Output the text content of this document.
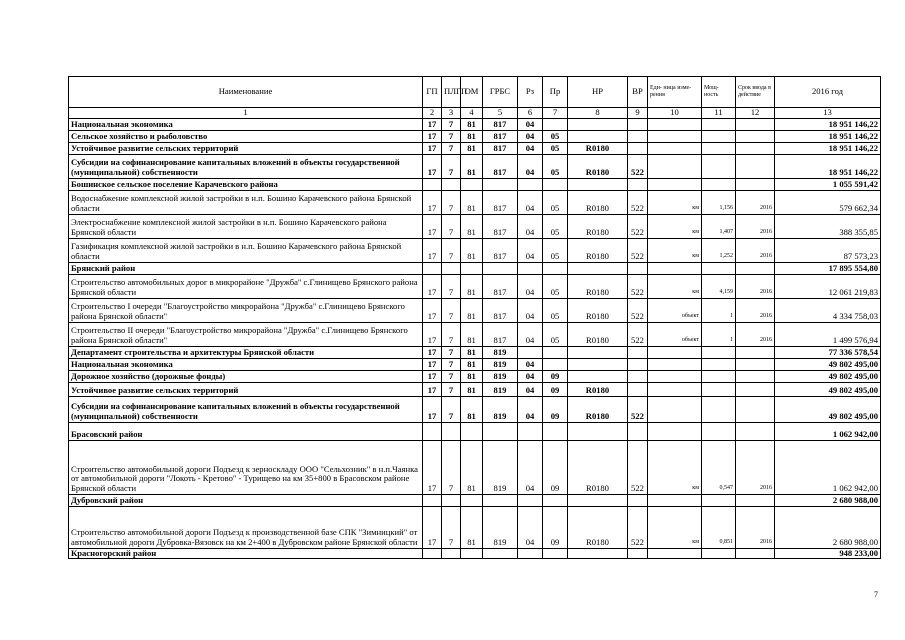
Наименование	ГП	ПЛГП	ОМ	ГРБС	Рз	Пр	НР	ВР	Еди- ница изме- рения	Мощ- ность	Срок ввода в действие	2016 год
1	2	3	4	5	6	7	8	9	10	11	12	13
Национальная экономика	17	7	81	817	04							18 951 146,22
Сельское хозяйство и рыболовство	17	7	81	817	04	05						18 951 146,22
Устойчивое развитие сельских территорий	17	7	81	817	04	05	R0180					18 951 146,22
Субсидии на софинансирование капитальных вложений в объекты государственной (муниципальной) собственности	17	7	81	817	04	05	R0180	522				18 951 146,22
Бошинское сельское поселение Карачевского района												1 055 591,42
Водоснабжение комплексной жилой застройки в н.п. Бошино Карачевского района Брянской области	17	7	81	817	04	05	R0180	522	км	1,156	2016	579 662,34
Электроснабжение комплексной жилой застройки в н.п. Бошино Карачевского района Брянской области	17	7	81	817	04	05	R0180	522	км	1,407	2016	388 355,85
Газификация комплексной жилой застройки в н.п. Бошино Карачевского района Брянской области	17	7	81	817	04	05	R0180	522	км	1,252	2016	87 573,23
Брянский район												17 895 554,80
Строительство автомобильных дорог в микрорайоне "Дружба" с.Глинищево Брянского района Брянской области	17	7	81	817	04	05	R0180	522	км	4,159	2016	12 061 219,83
Строительство I очереди "Благоустройство микрорайона "Дружба" с.Глинищево Брянского района Брянской области"	17	7	81	817	04	05	R0180	522	объект	1	2016	4 334 758,03
Строительство II очереди "Благоустройство микрорайона "Дружба" с.Глинищево Брянского района Брянской области"	17	7	81	817	04	05	R0180	522	объект	1	2016	1 499 576,94
Департамент строительства и архитектуры Брянской области	17	7	81	819								77 336 578,54
Национальная экономика	17	7	81	819	04							49 802 495,00
Дорожное хозяйство (дорожные фонды)	17	7	81	819	04	09						49 802 495,00
Устойчивое развитие сельских территорий	17	7	81	819	04	09	R0180					49 802 495,00
Субсидии на софинансирование капитальных вложений в объекты государственной (муниципальной) собственности	17	7	81	819	04	09	R0180	522				49 802 495,00
Брасовский район												1 062 942,00
Строительство автомобильной дороги Подъезд к зерноскладу ООО "Сельхозник" в н.п.Чаянка от автомобильной дороги "Локоть - Кретово" - Турищево на км 35+800 в Брасовском районе Брянской области	17	7	81	819	04	09	R0180	522	км	0,547	2016	1 062 942,00
Дубровский район												2 680 988,00
Строительство автомобильной дороги Подъезд к производственной базе СПК "Зимницкий" от автомобильной дороги Дубровка-Вязовск на км 2+400 в Дубровском районе Брянской области	17	7	81	819	04	09	R0180	522	км	0,851	2016	2 680 988,00
Красногорский район												948 233,00
7
